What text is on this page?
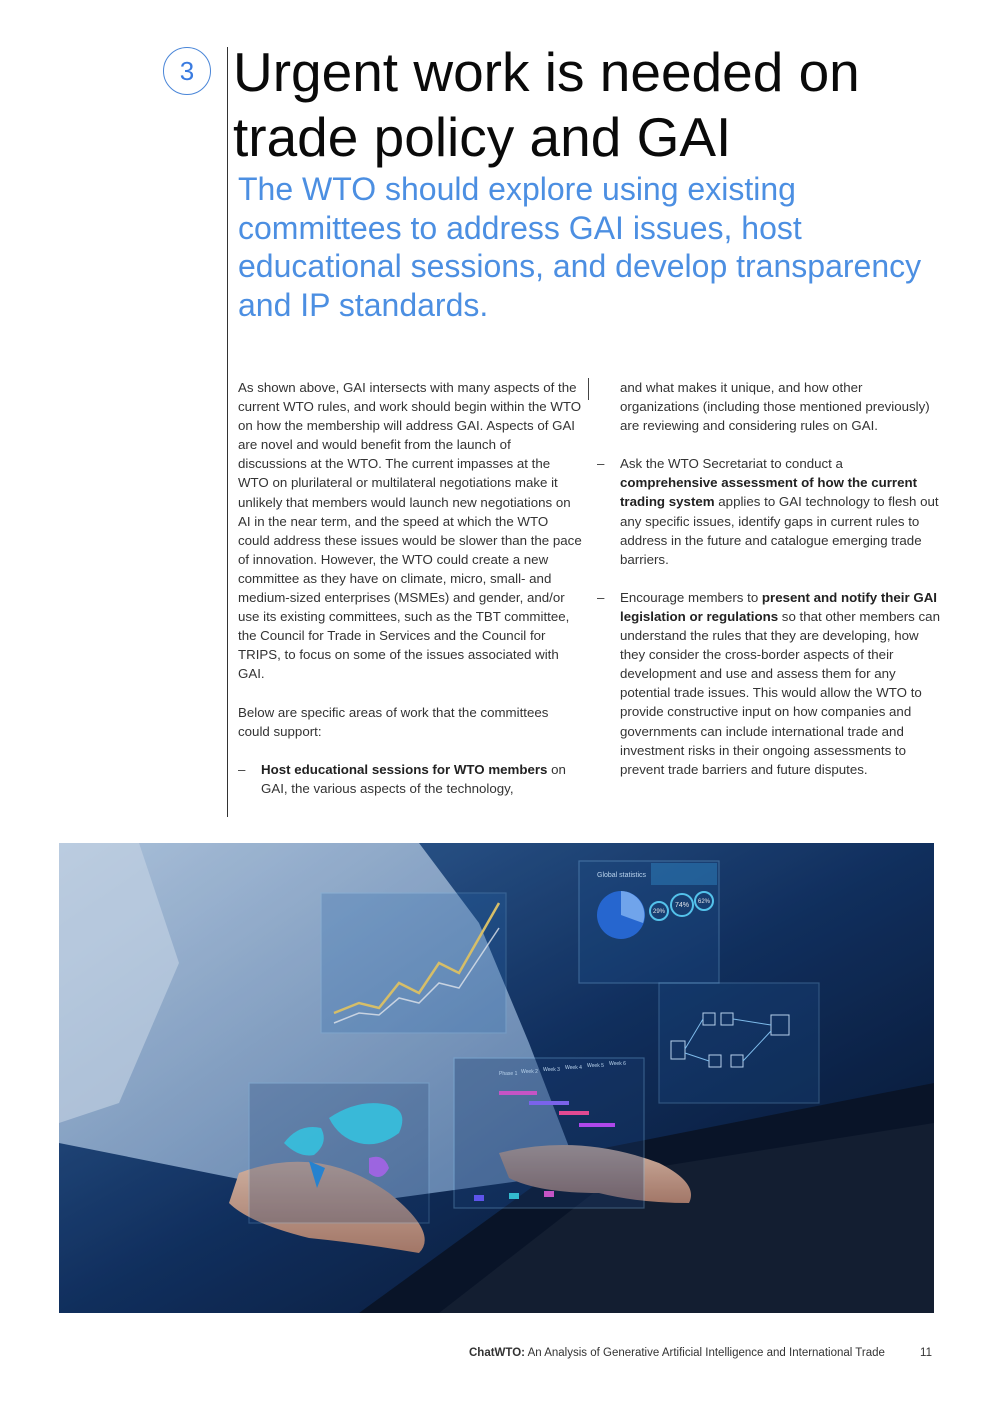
3 Urgent work is needed on trade policy and GAI

The WTO should explore using existing committees to address GAI issues, host educational sessions, and develop transparency and IP standards.

As shown above, GAI intersects with many aspects of the current WTO rules, and work should begin within the WTO on how the membership will address GAI. Aspects of GAI are novel and would benefit from the launch of discussions at the WTO. The current impasses at the WTO on plurilateral or multilateral negotiations make it unlikely that members would launch new negotiations on AI in the near term, and the speed at which the WTO could address these issues would be slower than the pace of innovation. However, the WTO could create a new committee as they have on climate, micro, small- and medium-sized enterprises (MSMEs) and gender, and/or use its existing committees, such as the TBT committee, the Council for Trade in Services and the Council for TRIPS, to focus on some of the issues associated with GAI.

Below are specific areas of work that the committees could support:

– Host educational sessions for WTO members on GAI, the various aspects of the technology,

and what makes it unique, and how other organizations (including those mentioned previously) are reviewing and considering rules on GAI.

– Ask the WTO Secretariat to conduct a comprehensive assessment of how the current trading system applies to GAI technology to flesh out any specific issues, identify gaps in current rules to address in the future and catalogue emerging trade barriers.
– Encourage members to present and notify their GAI legislation or regulations so that other members can understand the rules that they are developing, how they consider the cross-border aspects of their development and use and assess them for any potential trade issues. This would allow the WTO to provide constructive input on how companies and governments can include international trade and investment risks in their ongoing assessments to prevent trade barriers and future disputes.
Global statistics
29%
74% 62%
Phase 1 Week 2 Week 3 Week 4 Week 5 Week 6
ChatWTO: An Analysis of Generative Artificial Intelligence and International Trade	11
